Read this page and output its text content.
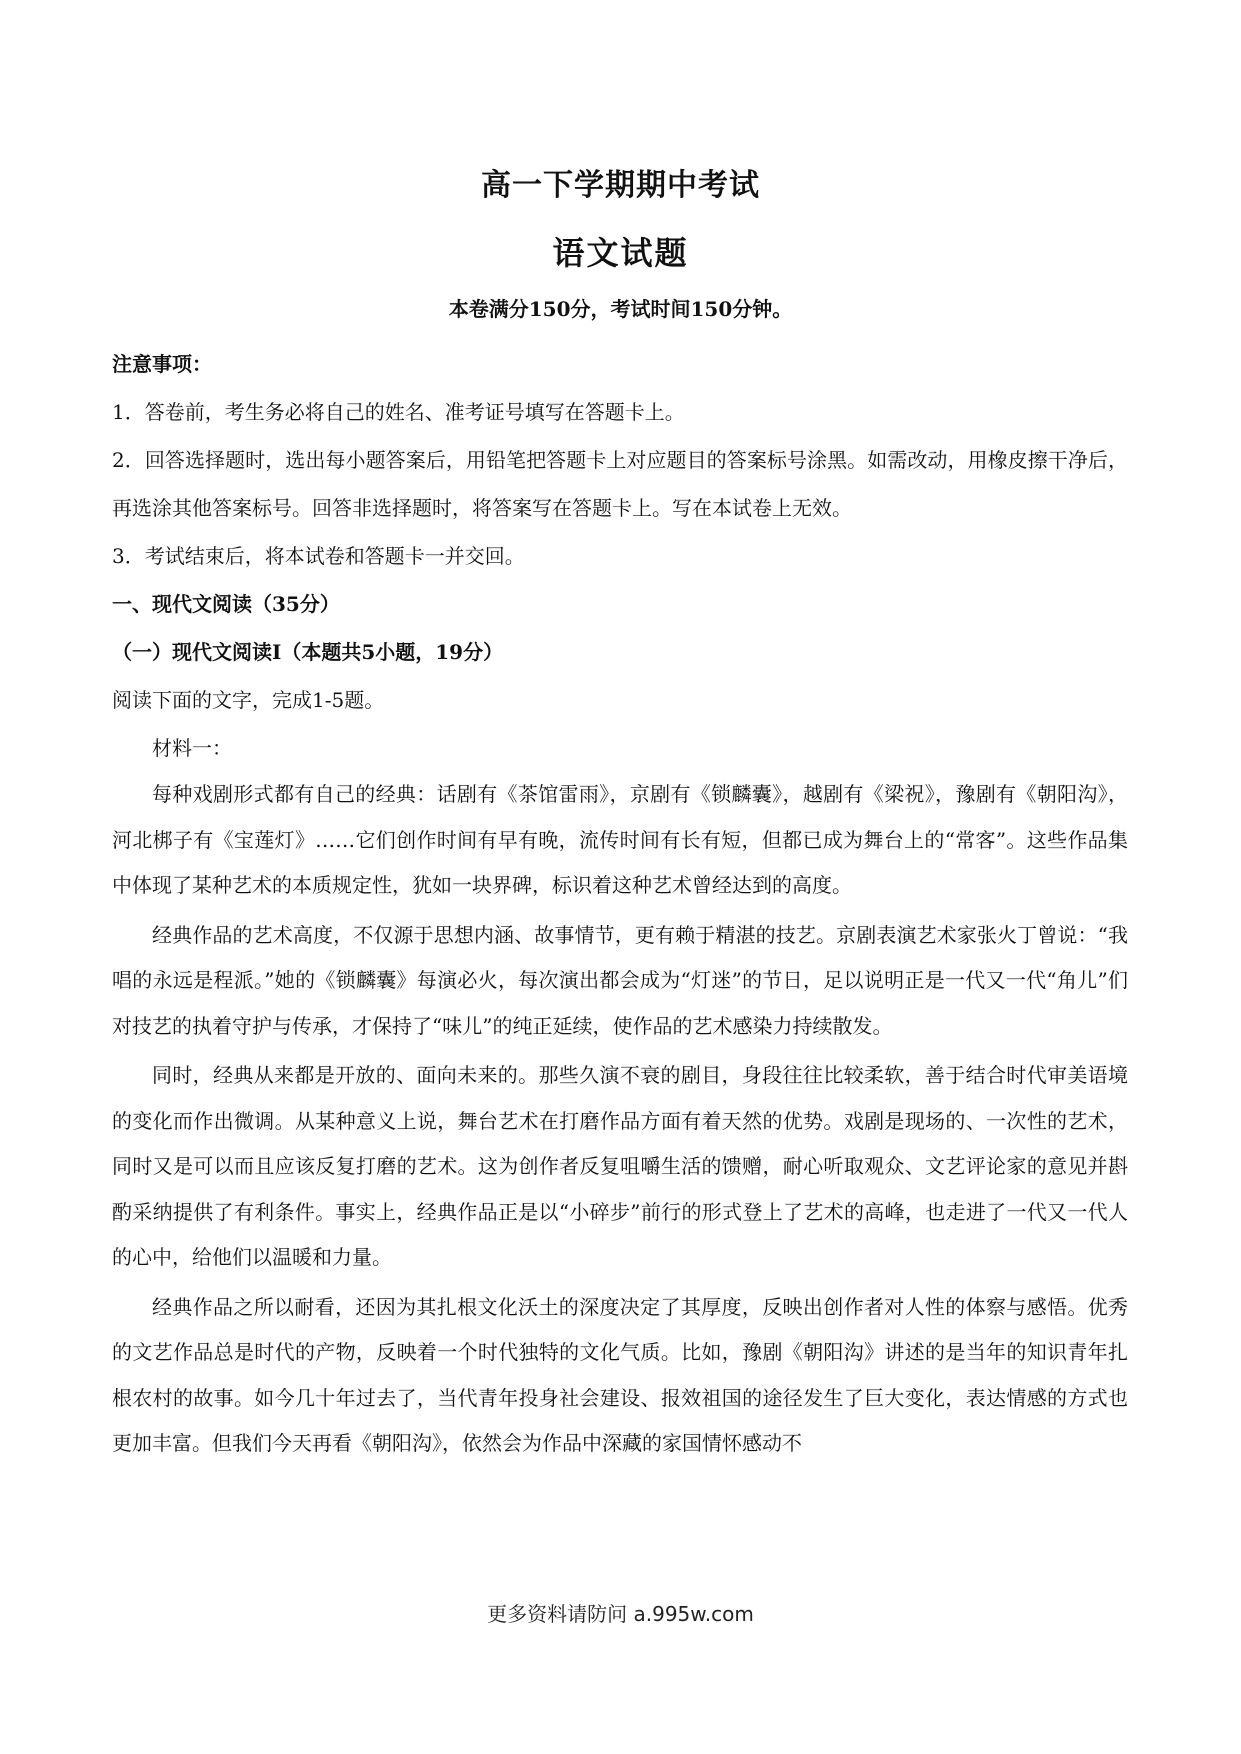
高一下学期期中考试
语文试题
本卷满分150分，考试时间150分钟。

注意事项：

1．答卷前，考生务必将自己的姓名、准考证号填写在答题卡上。

2．回答选择题时，选出每小题答案后，用铅笔把答题卡上对应题目的答案标号涂黑。如需改动，用橡皮擦干净后，再选涂其他答案标号。回答非选择题时，将答案写在答题卡上。写在本试卷上无效。

3．考试结束后，将本试卷和答题卡一并交回。

一、现代文阅读（35分）

（一）现代文阅读Ⅰ（本题共5小题，19分）

阅读下面的文字，完成1-5题。

材料一：

每种戏剧形式都有自己的经典：话剧有《茶馆雷雨》，京剧有《锁麟囊》，越剧有《梁祝》，豫剧有《朝阳沟》，河北梆子有《宝莲灯》……它们创作时间有早有晚，流传时间有长有短，但都已成为舞台上的“常客”。这些作品集中体现了某种艺术的本质规定性，犹如一块界碑，标识着这种艺术曾经达到的高度。

经典作品的艺术高度，不仅源于思想内涵、故事情节，更有赖于精湛的技艺。京剧表演艺术家张火丁曾说：“我唱的永远是程派。”她的《锁麟囊》每演必火，每次演出都会成为“灯迷”的节日，足以说明正是一代又一代“角儿”们对技艺的执着守护与传承，才保持了“味儿”的纯正延续，使作品的艺术感染力持续散发。

同时，经典从来都是开放的、面向未来的。那些久演不衰的剧目，身段往往比较柔软，善于结合时代审美语境的变化而作出微调。从某种意义上说，舞台艺术在打磨作品方面有着天然的优势。戏剧是现场的、一次性的艺术，同时又是可以而且应该反复打磨的艺术。这为创作者反复咀嚼生活的馈赠，耐心听取观众、文艺评论家的意见并斟酌采纳提供了有利条件。事实上，经典作品正是以“小碎步”前行的形式登上了艺术的高峰，也走进了一代又一代人的心中，给他们以温暖和力量。

经典作品之所以耐看，还因为其扎根文化沃土的深度决定了其厚度，反映出创作者对人性的体察与感悟。优秀的文艺作品总是时代的产物，反映着一个时代独特的文化气质。比如，豫剧《朝阳沟》讲述的是当年的知识青年扎根农村的故事。如今几十年过去了，当代青年投身社会建设、报效祖国的途径发生了巨大变化，表达情感的方式也更加丰富。但我们今天再看《朝阳沟》，依然会为作品中深藏的家国情怀感动不

更多资料请防问 a.995w.com
